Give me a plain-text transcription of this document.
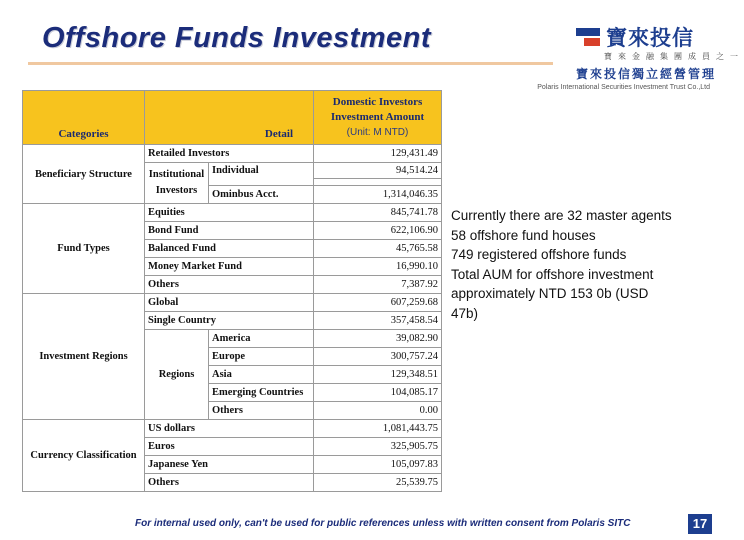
Offshore Funds Investment	寶來投信
寶來金融集團成員之一
寶來投信獨立經營管理
Polaris International Securities Investment Trust Co.,Ltd
Categories	Detail		Domestic Investors
Investment Amount
(Unit: M NTD)

Beneficiary Structure	Retailed Investors		129,431.49
	Institutional Investors	Individual	94,514.24

		Ominbus Acct.	1,314,046.35
Fund Types	Equities		845,741.78
	Bond Fund		622,106.90
	Balanced Fund		45,765.58
	Money Market Fund		16,990.10
	Others		7,387.92
Investment Regions	Global		607,259.68
	Single Country		357,458.54
	Regions	America	39,082.90
		Europe	300,757.24
		Asia	129,348.51
		Emerging Countries	104,085.17
		Others	0.00
Currency Classification	US dollars		1,081,443.75
	Euros		325,905.75
	Japanese Yen		105,097.83
	Others		25,539.75
Currently there are 32 master agents
58 offshore fund houses
749 registered offshore funds
Total AUM for offshore investment
approximately NTD 153 0b (USD
47b)
For internal used only, can't be used for public references unless with written consent from Polaris SITC	17
